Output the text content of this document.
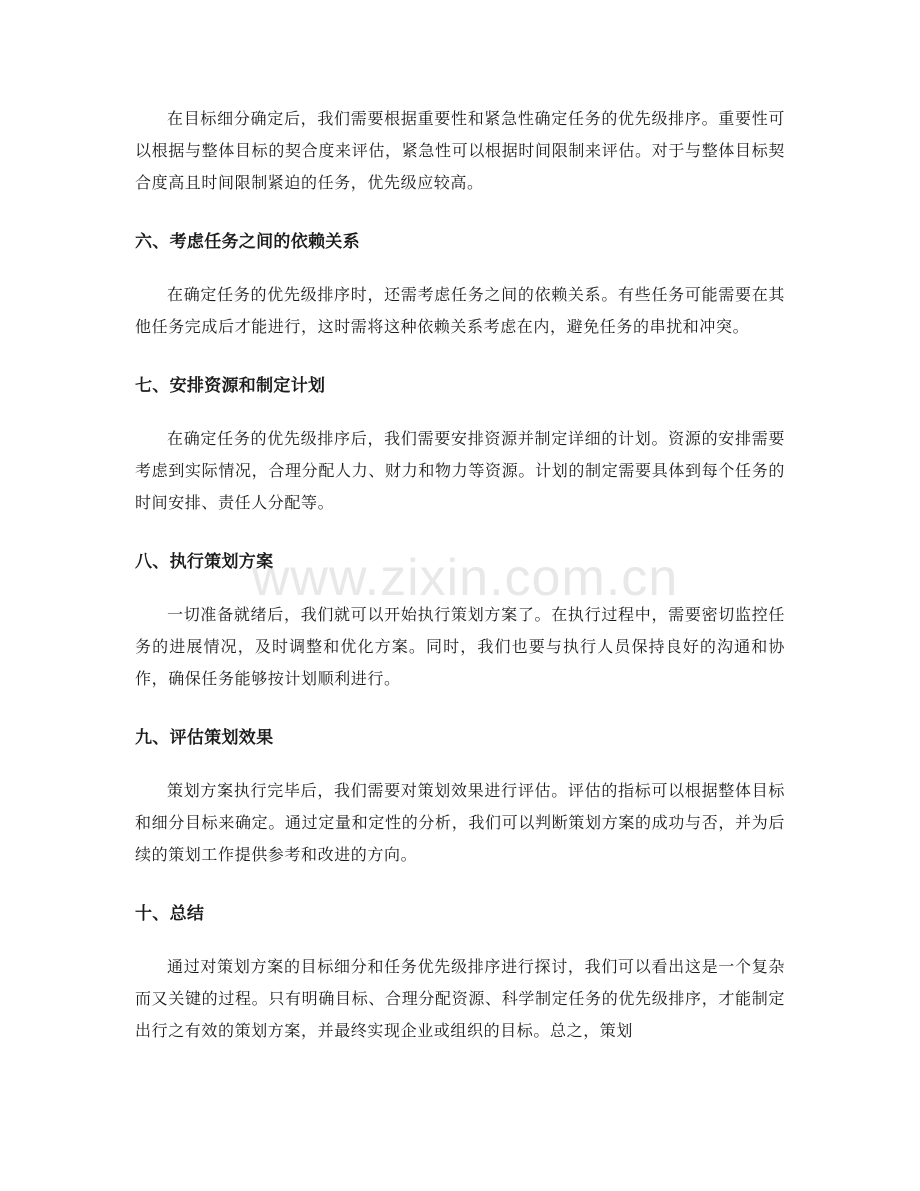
在目标细分确定后，我们需要根据重要性和紧急性确定任务的优先级排序。重要性可以根据与整体目标的契合度来评估，紧急性可以根据时间限制来评估。对于与整体目标契合度高且时间限制紧迫的任务，优先级应较高。

六、考虑任务之间的依赖关系

在确定任务的优先级排序时，还需考虑任务之间的依赖关系。有些任务可能需要在其他任务完成后才能进行，这时需将这种依赖关系考虑在内，避免任务的串扰和冲突。

七、安排资源和制定计划

在确定任务的优先级排序后，我们需要安排资源并制定详细的计划。资源的安排需要考虑到实际情况，合理分配人力、财力和物力等资源。计划的制定需要具体到每个任务的时间安排、责任人分配等。

八、执行策划方案

一切准备就绪后，我们就可以开始执行策划方案了。在执行过程中，需要密切监控任务的进展情况，及时调整和优化方案。同时，我们也要与执行人员保持良好的沟通和协作，确保任务能够按计划顺利进行。

九、评估策划效果

策划方案执行完毕后，我们需要对策划效果进行评估。评估的指标可以根据整体目标和细分目标来确定。通过定量和定性的分析，我们可以判断策划方案的成功与否，并为后续的策划工作提供参考和改进的方向。

十、总结

通过对策划方案的目标细分和任务优先级排序进行探讨，我们可以看出这是一个复杂而又关键的过程。只有明确目标、合理分配资源、科学制定任务的优先级排序，才能制定出行之有效的策划方案，并最终实现企业或组织的目标。总之，策划

www.zixin.com.cn
